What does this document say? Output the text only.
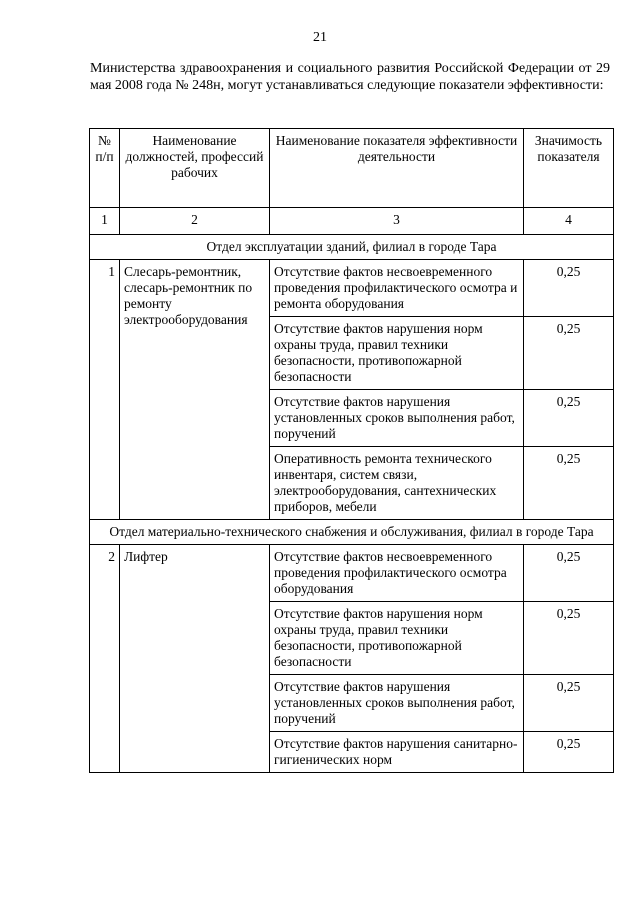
21
Министерства здравоохранения и социального развития Российской Федерации от 29 мая 2008 года № 248н, могут устанавливаться следующие показатели эффективности:
№ п/п	Наименование должностей, профессий рабочих	Наименование показателя эффективности деятельности	Значимость показателя
1	2	3	4
Отдел эксплуатации зданий, филиал в городе Тара			
1	Слесарь-ремонтник, слесарь-ремонтник по ремонту электрооборудования	Отсутствие фактов несвоевременного проведения профилактического осмотра и ремонта оборудования	0,25
		Отсутствие фактов нарушения норм охраны труда, правил техники безопасности, противопожарной безопасности	0,25
		Отсутствие фактов нарушения установленных сроков выполнения работ, поручений	0,25
		Оперативность ремонта технического инвентаря, систем связи, электрооборудования, сантехнических приборов, мебели	0,25
Отдел материально-технического снабжения и обслуживания, филиал в городе Тара			
2	Лифтер	Отсутствие фактов несвоевременного проведения профилактического осмотра оборудования	0,25
		Отсутствие фактов нарушения норм охраны труда, правил техники безопасности, противопожарной безопасности	0,25
		Отсутствие фактов нарушения установленных сроков выполнения работ, поручений	0,25
		Отсутствие фактов нарушения санитарно-гигиенических норм	0,25
